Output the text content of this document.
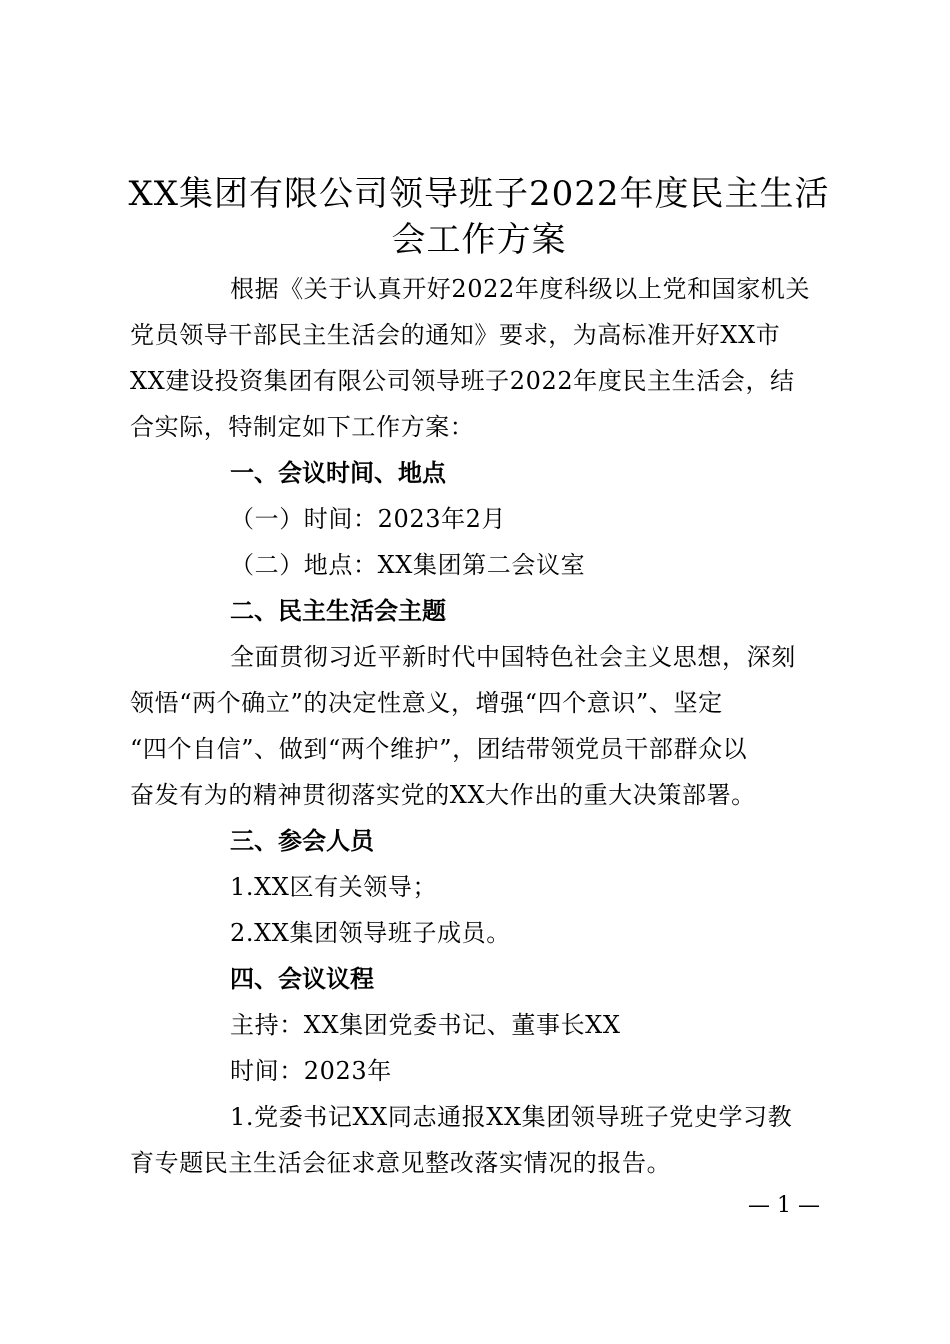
XX集团有限公司领导班子2022年度民主生活
会工作方案
根据《关于认真开好2022年度科级以上党和国家机关
党员领导干部民主生活会的通知》要求，为高标准开好XX市
XX建设投资集团有限公司领导班子2022年度民主生活会，结
合实际，特制定如下工作方案：
一、会议时间、地点
（一）时间：2023年2月
（二）地点：XX集团第二会议室
二、民主生活会主题
全面贯彻习近平新时代中国特色社会主义思想，深刻
领悟“两个确立”的决定性意义，增强“四个意识”、坚定
“四个自信”、做到“两个维护”，团结带领党员干部群众以
奋发有为的精神贯彻落实党的XX大作出的重大决策部署。
三、参会人员
1.XX区有关领导；
2.XX集团领导班子成员。
四、会议议程
主持：XX集团党委书记、董事长XX
时间：2023年
1.党委书记XX同志通报XX集团领导班子党史学习教
育专题民主生活会征求意见整改落实情况的报告。
— 1 —
